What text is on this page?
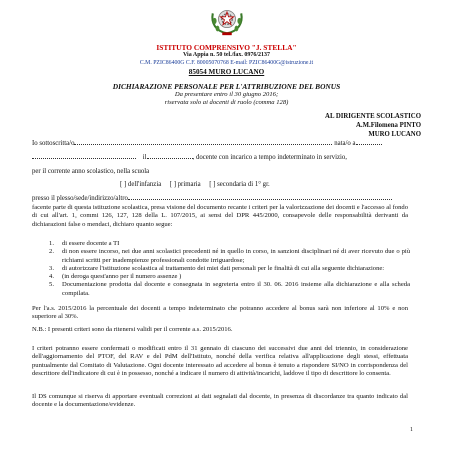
ISTITUTO COMPRENSIVO "J. STELLA"
Via Appia n. 50 tel./fax. 0976/2137
C.M. PZIC86400G C.F. 80005070768 E-mail: PZIC86400G@istruzione.it
85054 MURO LUCANO
DICHIARAZIONE PERSONALE PER L'ATTRIBUZIONE DEL BONUS
Da presentare entro il 30 giugno 2016;
riservata solo ai docenti di ruolo (comma 128)
AL DIRIGENTE SCOLASTICO
A.M.Filomena PINTO
MURO LUCANO
Io sottoscritta/o	nata/o a
il	, docente con incarico a tempo indeterminato in servizio,
per il corrente anno scolastico, nella scuola
[ ] dell'infanzia [ ] primaria [ ] secondaria di 1° gr.
presso il plesso/sede/indirizzo/altro
facente parte di questa istituzione scolastica, presa visione del documento recante i criteri per la valorizzazione dei docenti e l'accesso al fondo di cui all'art. 1, commi 126, 127, 128 della L. 107/2015, ai sensi del DPR 445/2000, consapevole delle responsabilità derivanti da dichiarazioni false o mendaci, dichiaro quanto segue:
1.	di essere docente a TI
2.	di non essere incorso, nei due anni scolastici precedenti né in quello in corso, in sanzioni disciplinari né di aver ricevuto due o più richiami scritti per inadempienze professionali condotte irriguardose;
3.	di autorizzare l'istituzione scolastica al trattamento dei miei dati personali per le finalità di cui alla seguente dichiarazione:
4.	(in deroga quest'anno per il numero assenze )
5.	Documentazione prodotta dal docente e consegnata in segreteria entro il 30. 06. 2016 insieme alla dichiarazione e alla scheda compilata.
Per l'a.s. 2015/2016 la percentuale dei docenti a tempo indeterminato che potranno accedere al bonus sarà non inferiore al 10% e non superiore al 30%.
N.B.: I presenti criteri sono da ritenersi validi per il corrente a.s. 2015/2016.
I criteri potranno essere confermati o modificati entro il 31 gennaio di ciascuno dei successivi due anni del triennio, in considerazione dell'aggiornamento del PTOF, del RAV e del PdM dell'Istituto, nonché della verifica relativa all'applicazione degli stessi, effettuata puntualmente dal Comitato di Valutazione. Ogni docente interessato ad accedere al bonus è tenuto a rispondere SI/NO in corrispondenza del descrittore dell'indicatore di cui è in possesso, nonché a indicare il numero di attività/incarichi, laddove il tipo di descrittore lo consenta.
Il DS comunque si riserva di apportare eventuali correzioni ai dati segnalati dal docente, in presenza di discordanze tra quanto indicato dal docente e la documentazione/evidenze.
1
